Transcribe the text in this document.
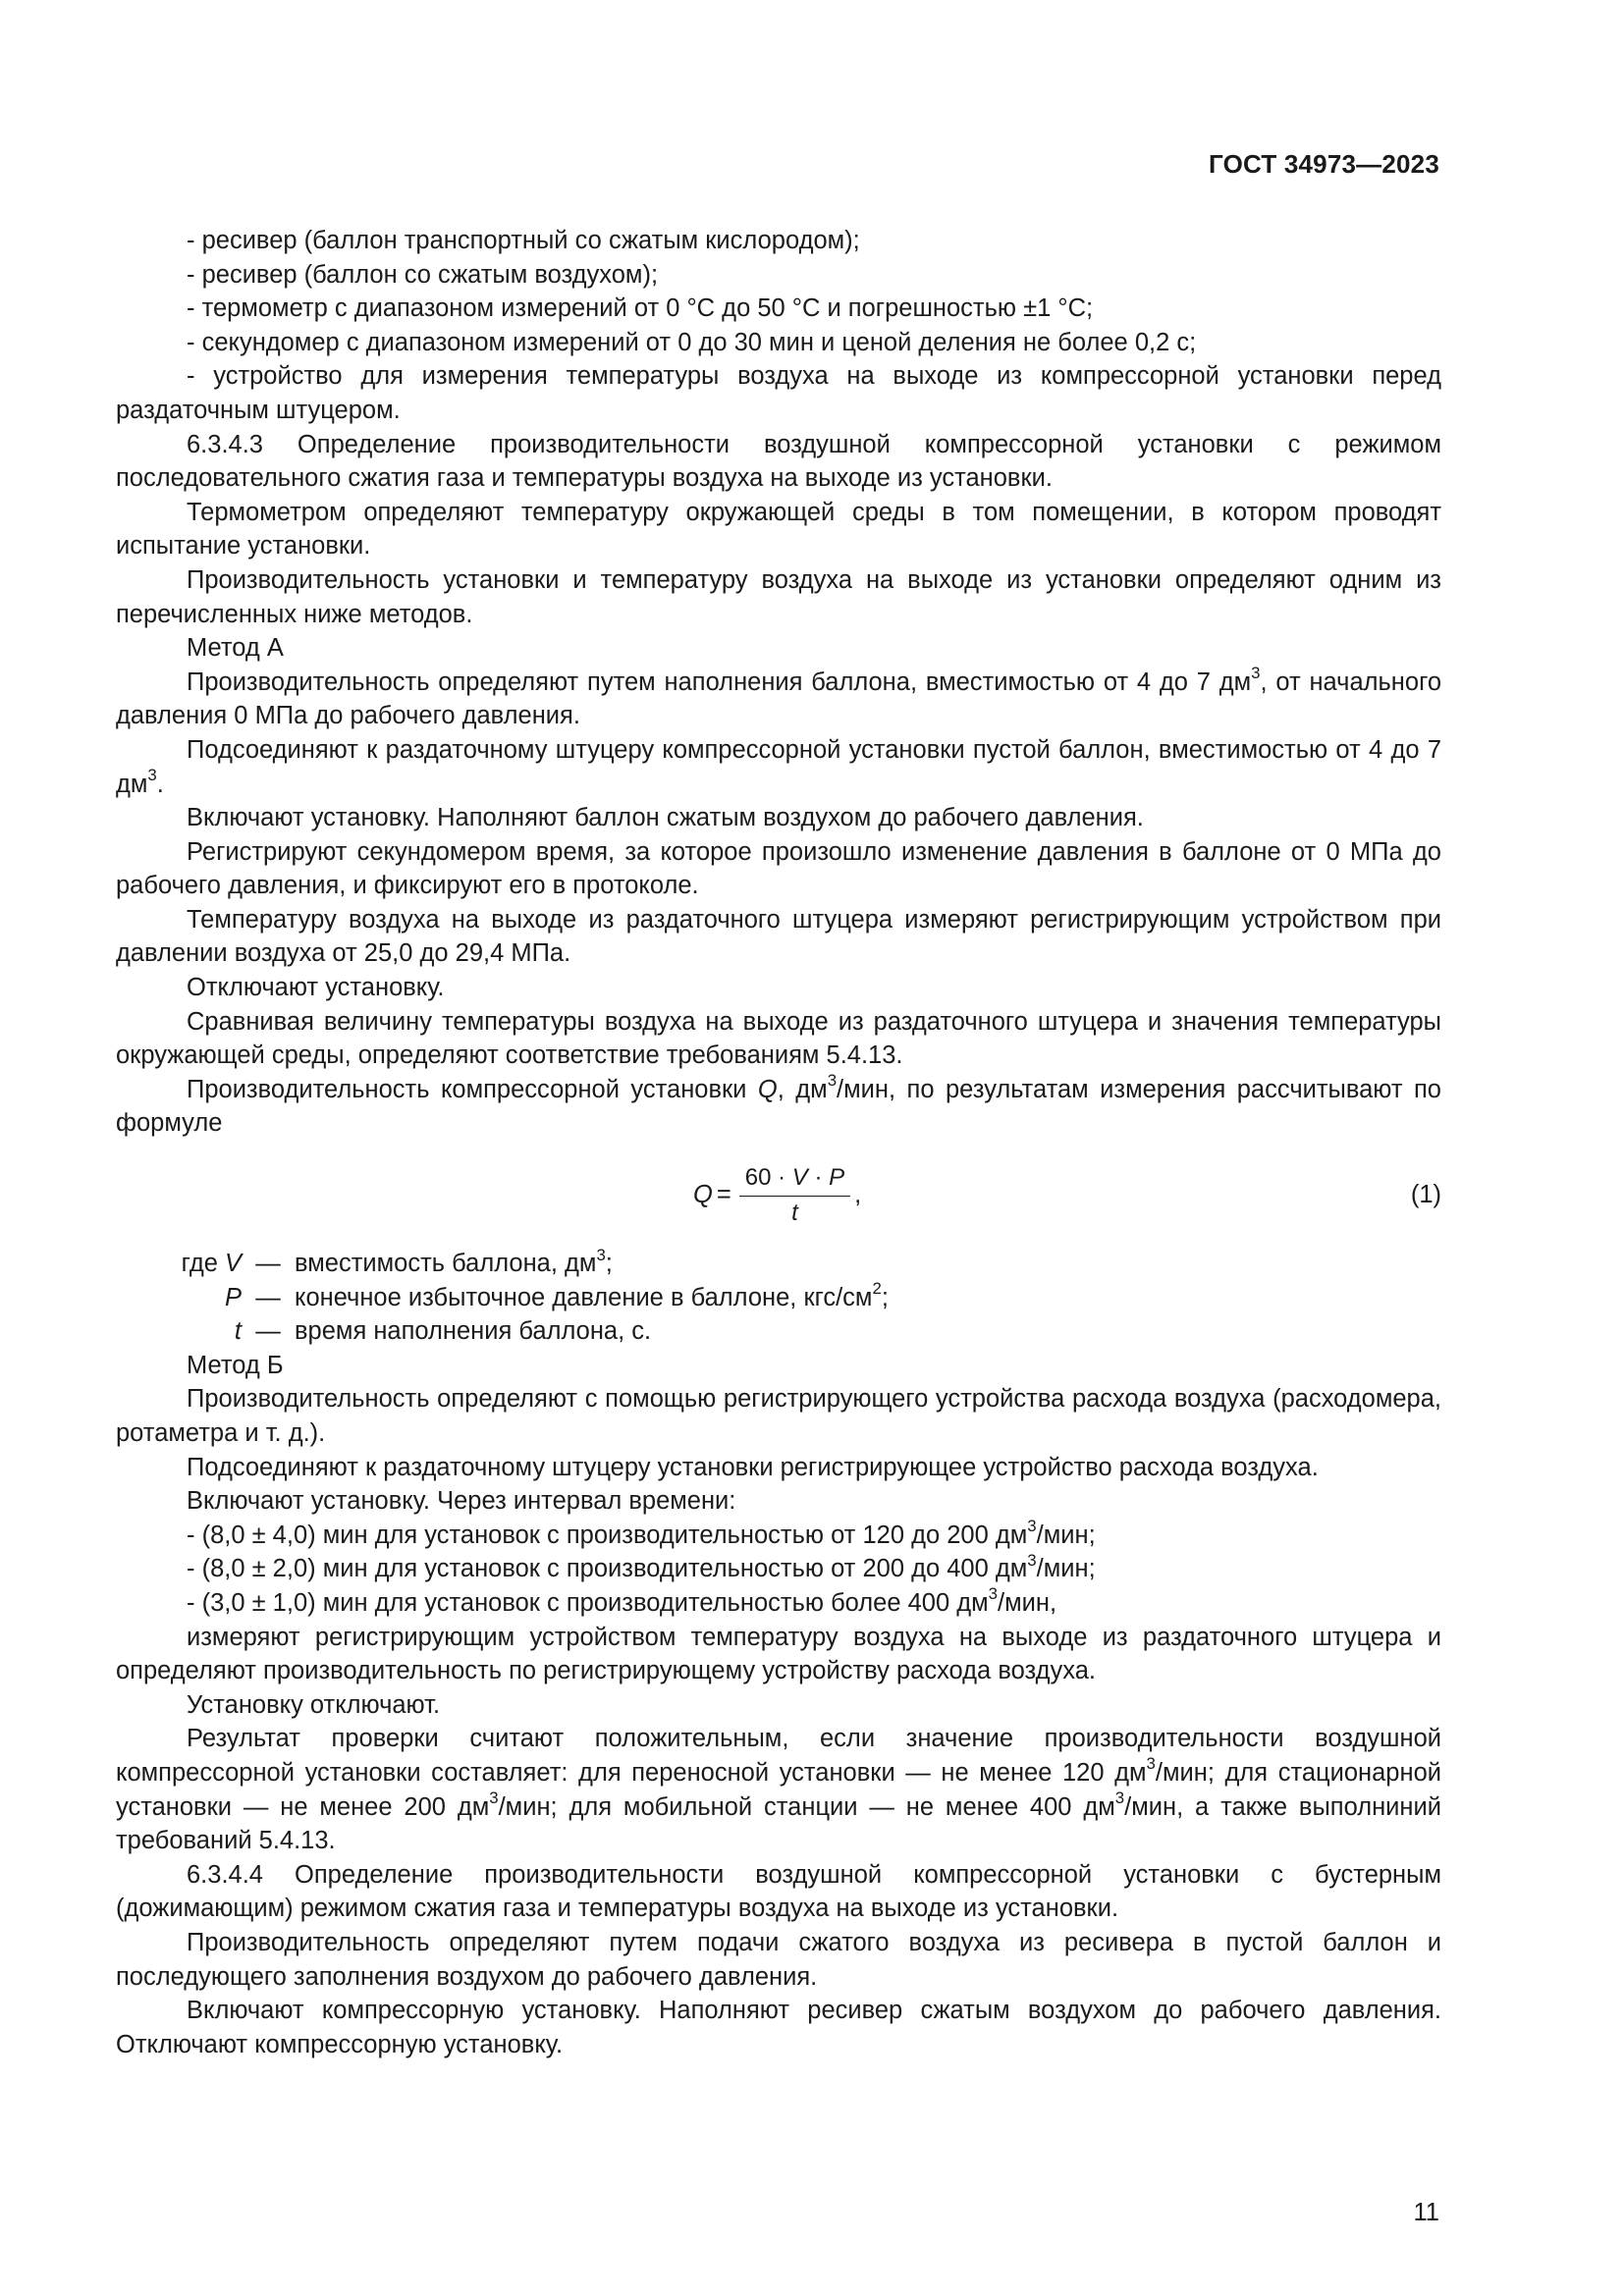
ГОСТ 34973—2023

- ресивер (баллон транспортный со сжатым кислородом);

- ресивер (баллон со сжатым воздухом);

- термометр с диапазоном измерений от 0 °С до 50 °С и погрешностью ±1 °С;

- секундомер с диапазоном измерений от 0 до 30 мин и ценой деления не более 0,2 с;

- устройство для измерения температуры воздуха на выходе из компрессорной установки перед раздаточным штуцером.

6.3.4.3 Определение производительности воздушной компрессорной установки с режимом последовательного сжатия газа и температуры воздуха на выходе из установки.

Термометром определяют температуру окружающей среды в том помещении, в котором проводят испытание установки.

Производительность установки и температуру воздуха на выходе из установки определяют одним из перечисленных ниже методов.

Метод А

Производительность определяют путем наполнения баллона, вместимостью от 4 до 7 $дм^3$, от начального давления 0 МПа до рабочего давления.

Подсоединяют к раздаточному штуцеру компрессорной установки пустой баллон, вместимостью от 4 до 7 $дм^3$.

Включают установку. Наполняют баллон сжатым воздухом до рабочего давления.

Регистрируют секундомером время, за которое произошло изменение давления в баллоне от 0 МПа до рабочего давления, и фиксируют его в протоколе.

Температуру воздуха на выходе из раздаточного штуцера измеряют регистрирующим устройством при давлении воздуха от 25,0 до 29,4 МПа.

Отключают установку.

Сравнивая величину температуры воздуха на выходе из раздаточного штуцера и значения температуры окружающей среды, определяют соответствие требованиям 5.4.13.

Производительность компрессорной установки Q, $дм^3$/мин, по результатам измерения рассчитывают по формуле

$Q = \frac{60 \cdot V \cdot P}{t}$ ,	(1)
где V — вместимость баллона, $дм^3$;
P — конечное избыточное давление в баллоне, кгс/$см^2$;
t — время наполнения баллона, с.

Метод Б

Производительность определяют с помощью регистрирующего устройства расхода воздуха (расходомера, ротаметра и т. д.).

Подсоединяют к раздаточному штуцеру установки регистрирующее устройство расхода воздуха.

Включают установку. Через интервал времени:

- (8,0 ± 4,0) мин для установок с производительностью от 120 до 200 $дм^3$/мин;

- (8,0 ± 2,0) мин для установок с производительностью от 200 до 400 $дм^3$/мин;

- (3,0 ± 1,0) мин для установок с производительностью более 400 $дм^3$/мин,

измеряют регистрирующим устройством температуру воздуха на выходе из раздаточного штуцера и определяют производительность по регистрирующему устройству расхода воздуха.

Установку отключают.

Результат проверки считают положительным, если значение производительности воздушной компрессорной установки составляет: для переносной установки — не менее 120 $дм^3$/мин; для стационарной установки — не менее 200 $дм^3$/мин; для мобильной станции — не менее 400 $дм^3$/мин, а также выполниний требований 5.4.13.

6.3.4.4 Определение производительности воздушной компрессорной установки с бустерным (дожимающим) режимом сжатия газа и температуры воздуха на выходе из установки.

Производительность определяют путем подачи сжатого воздуха из ресивера в пустой баллон и последующего заполнения воздухом до рабочего давления.

Включают компрессорную установку. Наполняют ресивер сжатым воздухом до рабочего давления. Отключают компрессорную установку.

11
